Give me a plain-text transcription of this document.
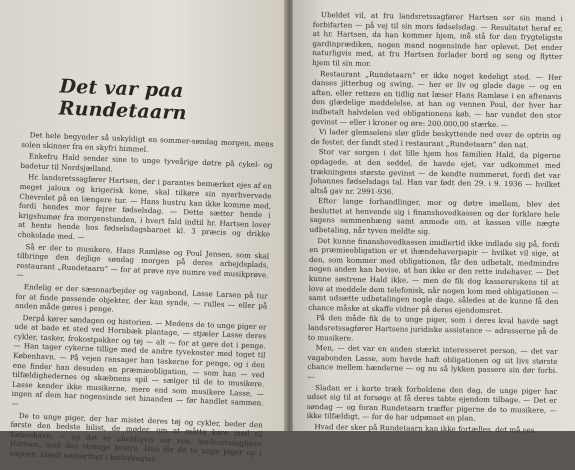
Det var paa Rundetaarn

Det hele begynder så uskyldigt en sommer-søndag morgen, mens solen skinner fra en skyfri himmel.

Enkefru Hald sender sine to unge tyveårige døtre på cykel- og badetur til Nordsjælland.

Hr. landsretssagfører Hartsen, der i parantes bemærket ejes af en meget jaloux og krigerisk kone, skal tilkøre sin nyerhvervede Chevrolet på en længere tur. — Hans hustru kan ikke komme med, fordi hendes mor fejrer fødselsdag. — Dette sætter hende i krigshumør fra morgenstunden, i hvert fald indtil hr. Hartsen lover at hente hende hos fødselsdagsbarnet kl. 3 præcis og drikke chokolade med. —

Så er der to musikere, Hans Ramløse og Poul Jensen, som skal tilbringe den dejlige søndag morgen på deres arbejdsplads, restaurant „Rundetaarn“ — for at prøve nye numre ved musikprøve. —

Endelig er der sæsonarbejder og vagabond, Lasse Larsen på tur for at finde passende objekter, der kan synde, — rulles — eller på anden måde gøres i penge.

Derpå kører søndagen og historien. — Medens de to unge piger er ude at bade et sted ved Hornbæk plantage, — stjæler Lasse deres cykler, tasker, frokostpakker og tøj — alt — for at gøre det i penge. — Han tager cykerne tillige med de andre tyvekoster med toget til København. — På vejen ransager han taskerne for penge, og i den ene finder han desuden en præmieobligation, — som han — ved tilfældighedernes og skæbnens spil — sælger til de to musikere. Lasse kender ikke musikerne, mere end som musikere Lasse, — ingen af dem har nogensinde set hinanden — før handlet sammen. —

De to unge piger, der har mistet deres tøj og cykler, beder den første den bedste bilist, de møder, om at måtte køre med til København, — og det er uheldigvis vor ven, landsretssagfører Hartsen, med den strenge hustru. Han får de to unge piger op i vognen, klædt nødtørftigt i badedragter.

Ubeldet vil, at fru landsretssagfører Hartsen ser sin mand i forbifarten — på vej til sin mors fødselsdag. — Resultatet heraf er, at hr. Hartsen, da han kommer hjem, må stå for den frygteligste gardinprædiken, nogen mand nogensinde har oplevet. Det ender naturligvis med, at fru Hartsen forlader bord og seng og flytter hjem til sin mor.

Restaurant „Rundetaarn“ er ikke noget kedeligt sted. — Her danses jitterbug og swing, — her er liv og glade dage — og en aften, eller rettere en tidlig nat læser Hans Ramløse i en aftenavis den glædelige meddelelse, at han og vennen Poul, der hver har indbetalt halvdelen ved obligationens køb, — har vundet den stor gevinst — eller i kroner og øre: 200.000,00 stærke. —

Vi lader glemselens slør glide beskyttende ned over de optrin og de fester, der fandt sted i restaurant „Rundetaarn“ den nat.

Stor var sorgen i det lille hjem hos familien Hald, da pigerne opdagede, at den seddel, de havde ejet, var udkommet med trækningens største gevinst — de kendte nummeret, fordi det var Johannes fødselsdags tal. Han var født den 29. i 9. 1936 — hvilket altså gav nr. 2991-936.

Efter lange forhandlinger, mor og døtre imellem, blev det besluttet at henvende sig i finanshovedkassen og der forklare hele sagens sammenhæng samt anmode om, at kassen ville nægte udbetaling, når tyven meldte sig.

Det kunne finanshovedkassen imidlertid ikke indlade sig på, fordi en præmieobligation er et ihændehaverpapir — hvilket vil sige, at den, som kommer med obligationen, får den udbetalt, medmindre nogen anden kan bevise, at han ikke er den rette indehaver. — Det kunne søstrene Hald ikke, — men de fik dog kassererskens til at love at meddele dem telefonisk, når nogen kom med obligationen — samt udsætte udbetalingen nogle dage, således at de kunne få den chance måske at skaffe vidner på deres ejendomsret.

På den måde fik de to unge piger, som i deres kval havde søgt landsretssagfører Hartsens juridiske assistance — adresserne på de to musikere.

Men, — det var en anden stærkt interesseret person, — det var vagabonden Lasse, som havde haft obligationen og sit livs største chance mellem hænderne — og nu så lykken passere sin dør forbi. —

Sladan er i korte træk forholdene den dag, de unge piger har udset sig til at forsøge at få deres tabte ejendom tilbage. — Det er søndag — og foran Rundetaarn træffer pigerne de to musikere, — ikke tilfældigt, — for de har udpønset en plan.

Hvad der sker på Rundetaarn kan ikke fortælles, det må ses.
